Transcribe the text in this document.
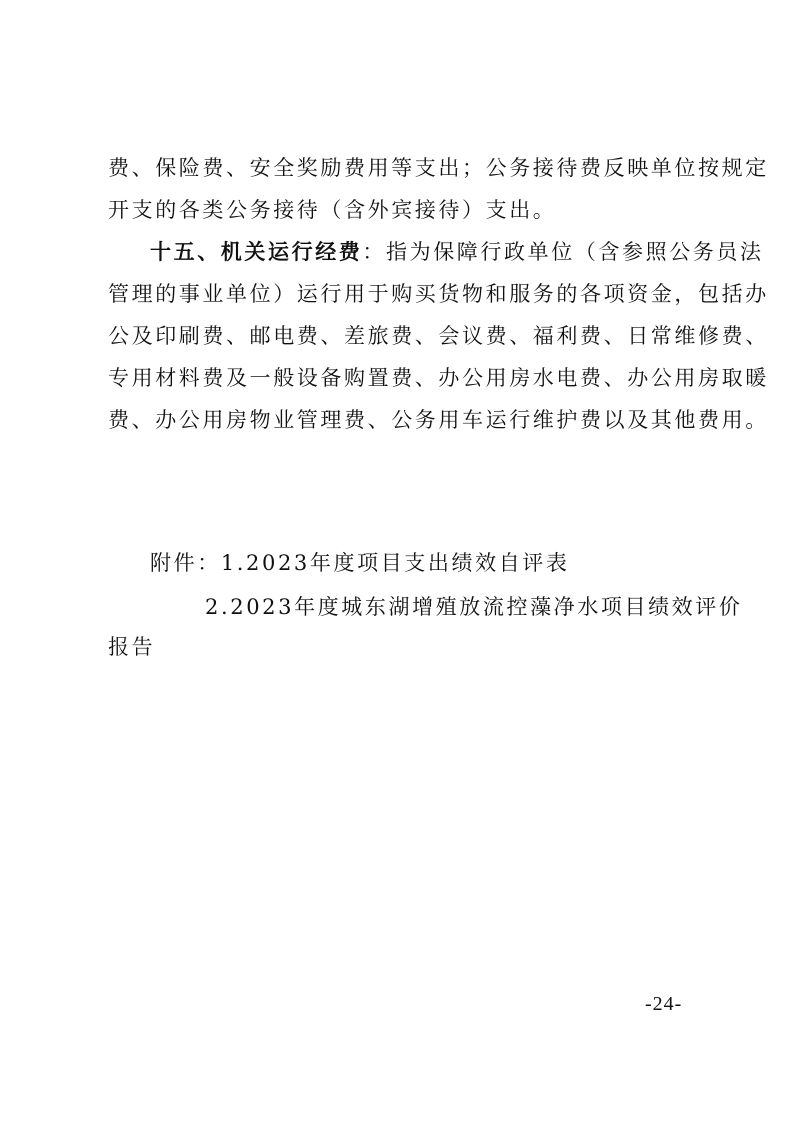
费、保险费、安全奖励费用等支出；公务接待费反映单位按规定
开支的各类公务接待（含外宾接待）支出。
十五、机关运行经费：指为保障行政单位（含参照公务员法
管理的事业单位）运行用于购买货物和服务的各项资金，包括办
公及印刷费、邮电费、差旅费、会议费、福利费、日常维修费、
专用材料费及一般设备购置费、办公用房水电费、办公用房取暖
费、办公用房物业管理费、公务用车运行维护费以及其他费用。
附件：1.2023年度项目支出绩效自评表
2.2023年度城东湖增殖放流控藻净水项目绩效评价
报告
-24-
